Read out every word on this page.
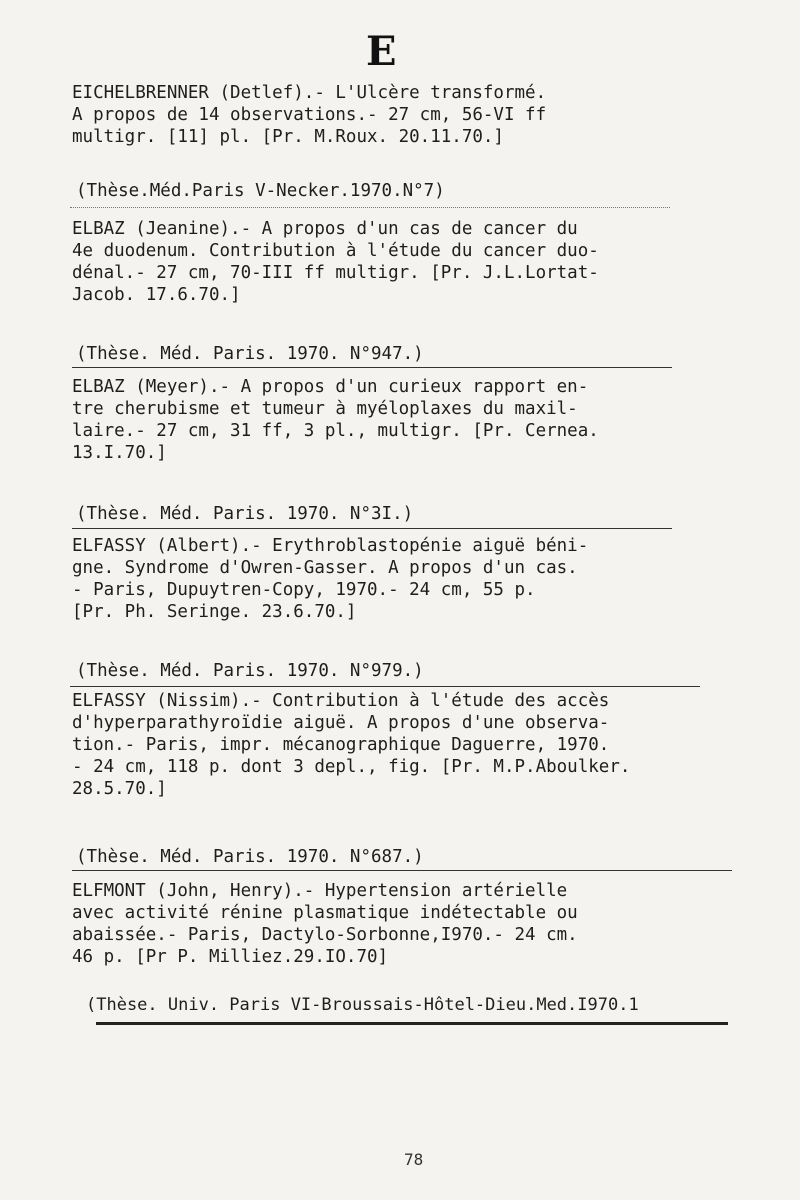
E
EICHELBRENNER (Detlef).- L'Ulcère transformé.
A propos de 14 observations.- 27 cm, 56-VI ff
multigr. [11] pl. [Pr. M.Roux. 20.11.70.]
(Thèse.Méd.Paris V-Necker.1970.N°7)
ELBAZ (Jeanine).- A propos d'un cas de cancer du
4e duodenum. Contribution à l'étude du cancer duo-
dénal.- 27 cm, 70-III ff multigr. [Pr. J.L.Lortat-
Jacob. 17.6.70.]
(Thèse. Méd. Paris. 1970. N°947.)
ELBAZ (Meyer).- A propos d'un curieux rapport en-
tre cherubisme et tumeur à myéloplaxes du maxil-
laire.- 27 cm, 31 ff, 3 pl., multigr. [Pr. Cernea.
13.I.70.]
(Thèse. Méd. Paris. 1970. N°3I.)
ELFASSY (Albert).- Erythroblastopénie aiguë béni-
gne. Syndrome d'Owren-Gasser. A propos d'un cas.
- Paris, Dupuytren-Copy, 1970.- 24 cm, 55 p.
[Pr. Ph. Seringe. 23.6.70.]
(Thèse. Méd. Paris. 1970. N°979.)
ELFASSY (Nissim).- Contribution à l'étude des accès
d'hyperparathyroïdie aiguë. A propos d'une observa-
tion.- Paris, impr. mécanographique Daguerre, 1970.
- 24 cm, 118 p. dont 3 depl., fig. [Pr. M.P.Aboulker.
28.5.70.]
(Thèse. Méd. Paris. 1970. N°687.)
ELFMONT (John, Henry).- Hypertension artérielle
avec activité rénine plasmatique indétectable ou
abaissée.- Paris, Dactylo-Sorbonne,I970.- 24 cm.
46 p. [Pr P. Milliez.29.IO.70]
(Thèse. Univ. Paris VI-Broussais-Hôtel-Dieu.Med.I970.1
78
